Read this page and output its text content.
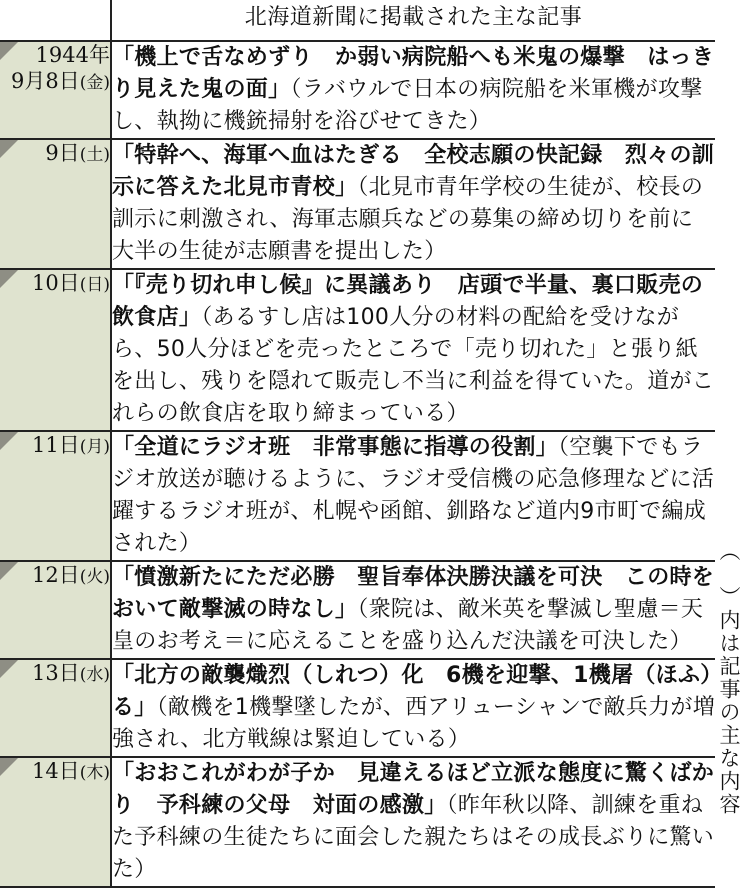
	北海道新聞に掲載された主な記事

1944年
9月8日(金)	「機上で舌なめずり　か弱い病院船へも米鬼の爆撃　はっきり見えた鬼の面」（ラバウルで日本の病院船を米軍機が攻撃し、執拗に機銃掃射を浴びせてきた）

9日(土)	「特幹へ、海軍へ血はたぎる　全校志願の快記録　烈々の訓示に答えた北見市青校」（北見市青年学校の生徒が、校長の訓示に刺激され、海軍志願兵などの募集の締め切りを前に大半の生徒が志願書を提出した）

10日(日)	「『売り切れ申し候』に異議あり　店頭で半量、裏口販売の飲食店」（あるすし店は100人分の材料の配給を受けながら、50人分ほどを売ったところで「売り切れた」と張り紙を出し、残りを隠れて販売し不当に利益を得ていた。道がこれらの飲食店を取り締まっている）

11日(月)	「全道にラジオ班　非常事態に指導の役割」（空襲下でもラジオ放送が聴けるように、ラジオ受信機の応急修理などに活躍するラジオ班が、札幌や函館、釧路など道内9市町で編成された）

12日(火)	「憤激新たにただ必勝　聖旨奉体決勝決議を可決　この時をおいて敵撃滅の時なし」（衆院は、敵米英を撃滅し聖慮＝天皇のお考え＝に応えることを盛り込んだ決議を可決した）

13日(水)	「北方の敵襲熾烈（しれつ）化　6機を迎撃、1機屠（ほふ）る」（敵機を1機撃墜したが、西アリューシャンで敵兵力が増強され、北方戦線は緊迫している）

14日(木)	「おおこれがわが子か　見違えるほど立派な態度に驚くばかり　予科練の父母　対面の感激」（昨年秋以降、訓練を重ねた予科練の生徒たちに面会した親たちはその成長ぶりに驚いた）
（　）内は記事の主な内容
